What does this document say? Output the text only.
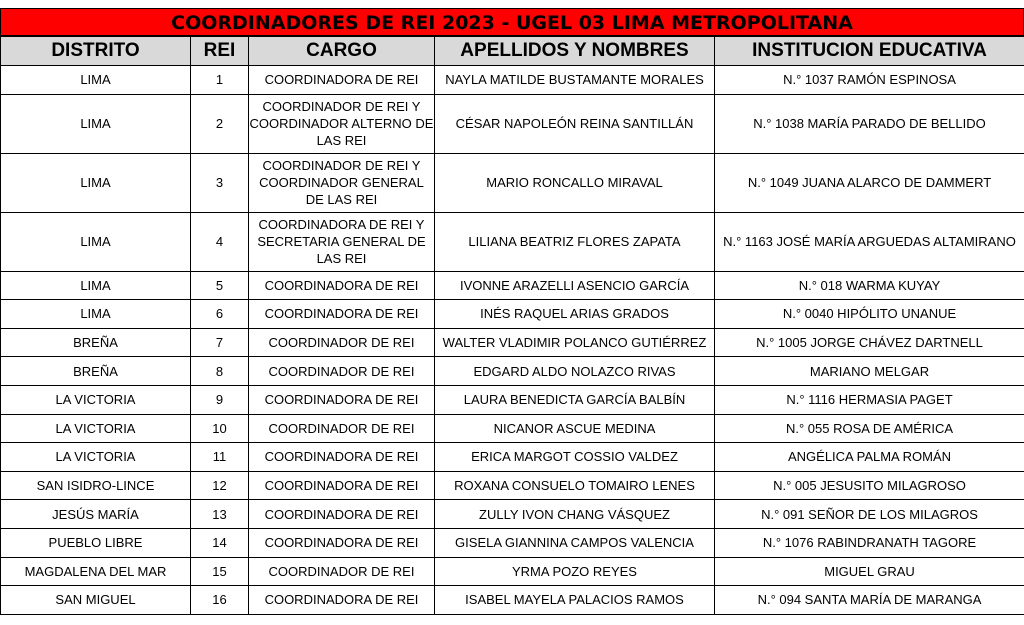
COORDINADORES DE REI 2023 - UGEL 03 LIMA METROPOLITANA
DISTRITO	REI	CARGO	APELLIDOS Y NOMBRES	INSTITUCION EDUCATIVA
LIMA	1	COORDINADORA DE REI	NAYLA MATILDE BUSTAMANTE MORALES	N.° 1037 RAMÓN ESPINOSA
LIMA	2	COORDINADOR DE REI Y COORDINADOR ALTERNO DE LAS REI	CÉSAR NAPOLEÓN REINA SANTILLÁN	N.° 1038 MARÍA PARADO DE BELLIDO
LIMA	3	COORDINADOR DE REI Y COORDINADOR GENERAL DE LAS REI	MARIO RONCALLO MIRAVAL	N.° 1049 JUANA ALARCO DE DAMMERT
LIMA	4	COORDINADORA DE REI Y SECRETARIA GENERAL DE LAS REI	LILIANA BEATRIZ FLORES ZAPATA	N.° 1163 JOSÉ MARÍA ARGUEDAS ALTAMIRANO
LIMA	5	COORDINADORA DE REI	IVONNE ARAZELLI ASENCIO GARCÍA	N.° 018 WARMA KUYAY
LIMA	6	COORDINADORA DE REI	INÉS RAQUEL ARIAS GRADOS	N.° 0040 HIPÓLITO UNANUE
BREÑA	7	COORDINADOR DE REI	WALTER VLADIMIR POLANCO GUTIÉRREZ	N.° 1005 JORGE CHÁVEZ DARTNELL
BREÑA	8	COORDINADOR DE REI	EDGARD ALDO NOLAZCO RIVAS	MARIANO MELGAR
LA VICTORIA	9	COORDINADORA DE REI	LAURA BENEDICTA GARCÍA BALBÍN	N.° 1116 HERMASIA PAGET
LA VICTORIA	10	COORDINADOR DE REI	NICANOR ASCUE MEDINA	N.° 055 ROSA DE AMÉRICA
LA VICTORIA	11	COORDINADORA DE REI	ERICA MARGOT COSSIO VALDEZ	ANGÉLICA PALMA ROMÁN
SAN ISIDRO-LINCE	12	COORDINADORA DE REI	ROXANA CONSUELO TOMAIRO LENES	N.° 005 JESUSITO MILAGROSO
JESÚS MARÍA	13	COORDINADORA DE REI	ZULLY IVON CHANG VÁSQUEZ	N.° 091 SEÑOR DE LOS MILAGROS
PUEBLO LIBRE	14	COORDINADORA DE REI	GISELA GIANNINA CAMPOS VALENCIA	N.° 1076 RABINDRANATH TAGORE
MAGDALENA DEL MAR	15	COORDINADOR DE REI	YRMA POZO REYES	MIGUEL GRAU
SAN MIGUEL	16	COORDINADORA DE REI	ISABEL MAYELA PALACIOS RAMOS	N.° 094 SANTA MARÍA DE MARANGA
